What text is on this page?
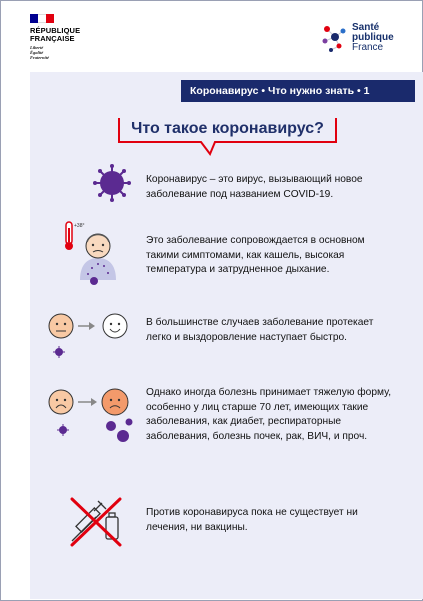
RÉPUBLIQUE FRANÇAISE
Liberté
Égalité
Fraternité
Santé
publique
France
Коронавирус • Что нужно знать • 1
Что такое коронавирус?

Коронавирус – это вирус, вызывающий новое заболевание под названием COVID-19.

+38°

Это заболевание сопровождается в основном такими симптомами, как кашель, высокая температура и затрудненное дыхание.

В большинстве случаев заболевание протекает легко и выздоровление наступает быстро.

Однако иногда болезнь принимает тяжелую форму, особенно у лиц старше 70 лет, имеющих такие заболевания, как диабет, респираторные заболевания, болезнь почек, рак, ВИЧ, и проч.

Против коронавируса пока не существует ни лечения, ни вакцины.
